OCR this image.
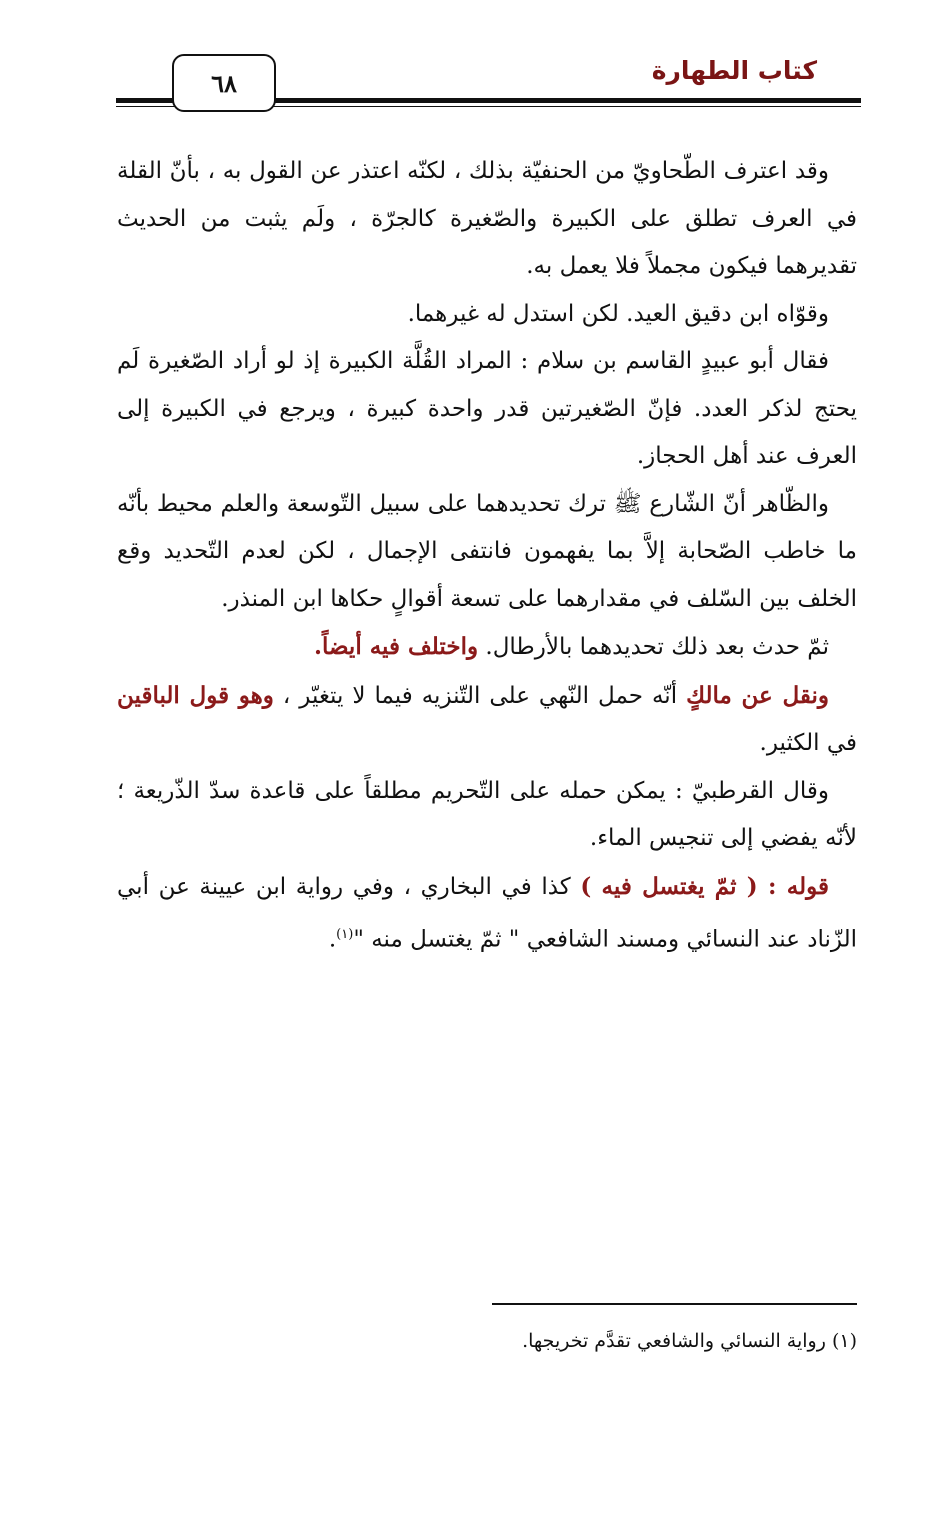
كتاب الطهارة
٦٨

وقد اعترف الطّحاويّ من الحنفيّة بذلك ، لكنّه اعتذر عن القول به ، بأنّ القلة في العرف تطلق على الكبيرة والصّغيرة كالجرّة ، ولَم يثبت من الحديث تقديرهما فيكون مجملاً فلا يعمل به.

وقوّاه ابن دقيق العيد. لكن استدل له غيرهما.

فقال أبو عبيدٍ القاسم بن سلام : المراد القُلَّة الكبيرة إذ لو أراد الصّغيرة لَم يحتج لذكر العدد. فإنّ الصّغيرتين قدر واحدة كبيرة ، ويرجع في الكبيرة إلى العرف عند أهل الحجاز.

والظّاهر أنّ الشّارع ﷺ ترك تحديدهما على سبيل التّوسعة والعلم محيط بأنّه ما خاطب الصّحابة إلاَّ بما يفهمون فانتفى الإجمال ، لكن لعدم التّحديد وقع الخلف بين السّلف في مقدارهما على تسعة أقوالٍ حكاها ابن المنذر.

ثمّ حدث بعد ذلك تحديدهما بالأرطال. واختلف فيه أيضاً.

ونقل عن مالكٍ أنّه حمل النّهي على التّنزيه فيما لا يتغيّر ، وهو قول الباقين في الكثير.

وقال القرطبيّ : يمكن حمله على التّحريم مطلقاً على قاعدة سدّ الذّريعة ؛ لأنّه يفضي إلى تنجيس الماء.

قوله : ( ثمّ يغتسل فيه ) كذا في البخاري ، وفي رواية ابن عيينة عن أبي الزّناد عند النسائي ومسند الشافعي " ثمّ يغتسل منه "$^{(١)}$.

(١) رواية النسائي والشافعي تقدَّم تخريجها.
